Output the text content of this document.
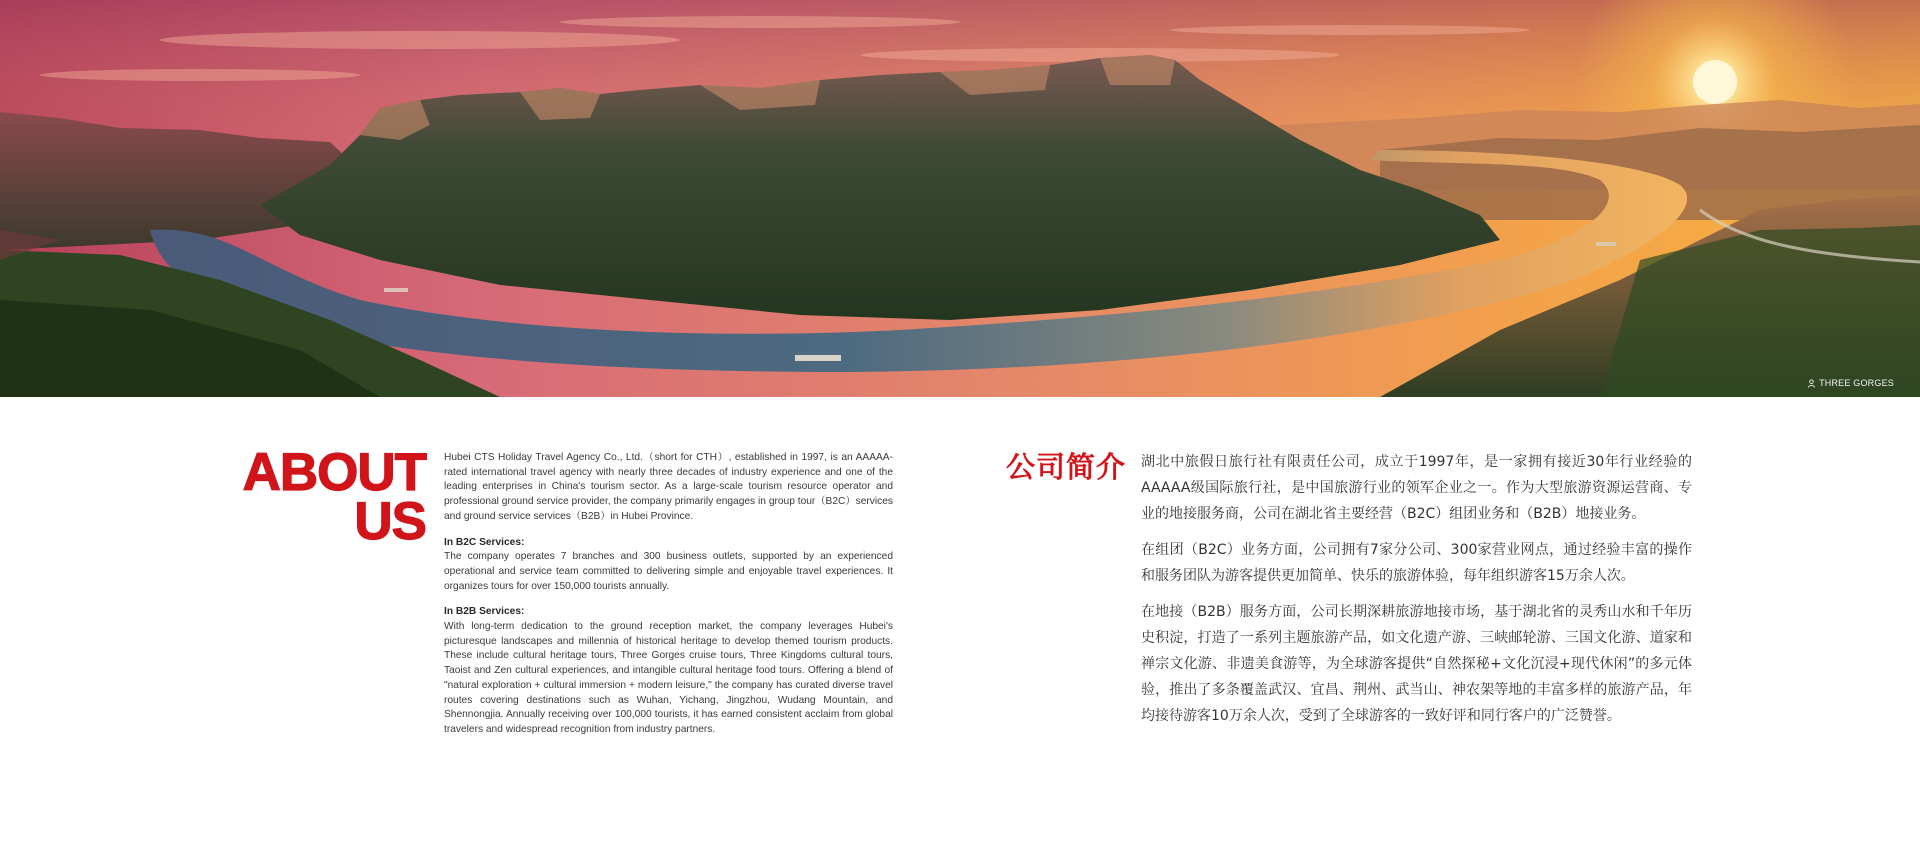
THREE GORGES
ABOUT
US

Hubei CTS Holiday Travel Agency Co., Ltd.（short for CTH）, established in 1997, is an AAAAA-rated international travel agency with nearly three decades of industry experience and one of the leading enterprises in China's tourism sector. As a large-scale tourism resource operator and professional ground service provider, the company primarily engages in group tour（B2C）services and ground service services（B2B）in Hubei Province.

In B2C Services:

The company operates 7 branches and 300 business outlets, supported by an experienced operational and service team committed to delivering simple and enjoyable travel experiences. It organizes tours for over 150,000 tourists annually.

In B2B Services:

With long-term dedication to the ground reception market, the company leverages Hubei's picturesque landscapes and millennia of historical heritage to develop themed tourism products. These include cultural heritage tours, Three Gorges cruise tours, Three Kingdoms cultural tours, Taoist and Zen cultural experiences, and intangible cultural heritage food tours. Offering a blend of "natural exploration + cultural immersion + modern leisure," the company has curated diverse travel routes covering destinations such as Wuhan, Yichang, Jingzhou, Wudang Mountain, and Shennongjia. Annually receiving over 100,000 tourists, it has earned consistent acclaim from global travelers and widespread recognition from industry partners.

公司简介 湖北中旅假日旅行社有限责任公司，成立于1997年，是一家拥有接近30年行业经验的AAAAA级国际旅行社，是中国旅游行业的领军企业之一。作为大型旅游资源运营商、专业的地接服务商，公司在湖北省主要经营（B2C）组团业务和（B2B）地接业务。

在组团（B2C）业务方面，公司拥有7家分公司、300家营业网点，通过经验丰富的操作和服务团队为游客提供更加简单、快乐的旅游体验，每年组织游客15万余人次。

在地接（B2B）服务方面，公司长期深耕旅游地接市场，基于湖北省的灵秀山水和千年历史积淀，打造了一系列主题旅游产品，如文化遗产游、三峡邮轮游、三国文化游、道家和禅宗文化游、非遗美食游等，为全球游客提供“自然探秘+文化沉浸+现代休闲”的多元体验，推出了多条覆盖武汉、宜昌、荆州、武当山、神农架等地的丰富多样的旅游产品，年均接待游客10万余人次，受到了全球游客的一致好评和同行客户的广泛赞誉。
